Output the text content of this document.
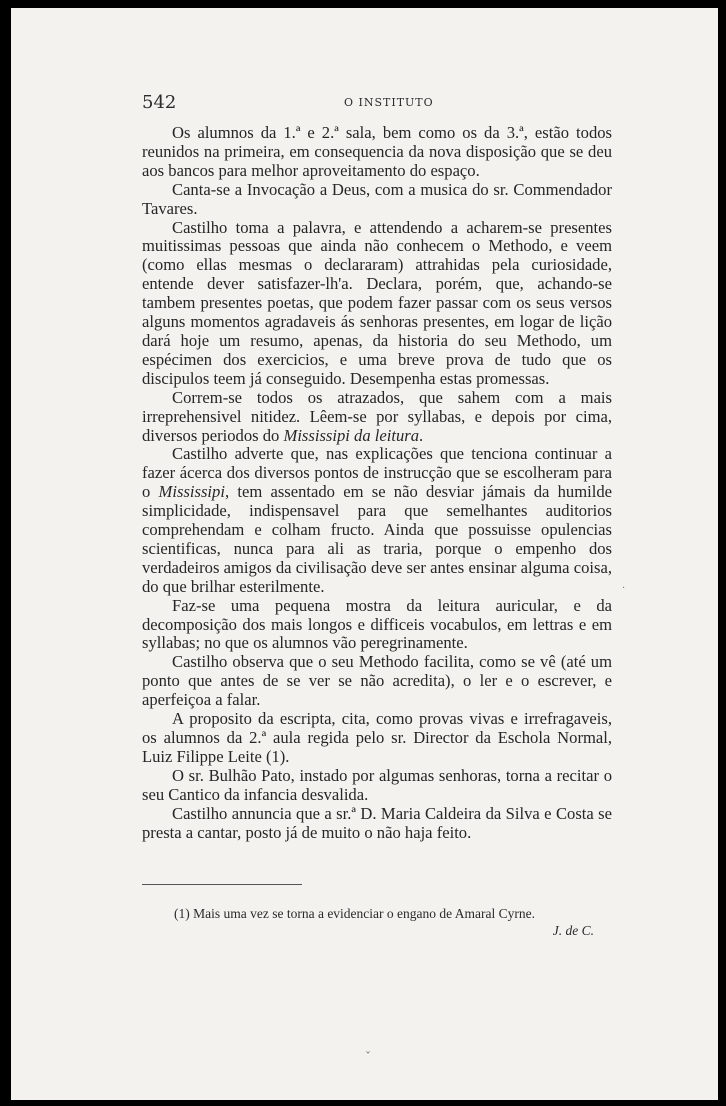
542	O INSTITUTO

Os alumnos da 1.ª e 2.ª sala, bem como os da 3.ª, estão todos reunidos na primeira, em consequencia da nova disposição que se deu aos bancos para melhor aproveitamento do espaço.

Canta-se a Invocação a Deus, com a musica do sr. Commendador Tavares.

Castilho toma a palavra, e attendendo a acharem-se presentes muitissimas pessoas que ainda não conhecem o Methodo, e veem (como ellas mesmas o declararam) attrahidas pela curiosidade, entende dever satisfazer-lh'a. Declara, porém, que, achando-se tambem presentes poetas, que podem fazer passar com os seus versos alguns momentos agradaveis ás senhoras presentes, em logar de lição dará hoje um resumo, apenas, da historia do seu Methodo, um espécimen dos exercicios, e uma breve prova de tudo que os discipulos teem já conseguido. Desempenha estas promessas.

Correm-se todos os atrazados, que sahem com a mais irreprehensivel nitidez. Lêem-se por syllabas, e depois por cima, diversos periodos do Mississipi da leitura.

Castilho adverte que, nas explicações que tenciona continuar a fazer ácerca dos diversos pontos de instrucção que se escolheram para o Mississipi, tem assentado em se não desviar jámais da humilde simplicidade, indispensavel para que semelhantes auditorios comprehendam e colham fructo. Ainda que possuisse opulencias scientificas, nunca para ali as traria, porque o empenho dos verdadeiros amigos da civilisação deve ser antes ensinar alguma coisa, do que brilhar esterilmente.

Faz-se uma pequena mostra da leitura auricular, e da decomposição dos mais longos e difficeis vocabulos, em lettras e em syllabas; no que os alumnos vão peregrinamente.

Castilho observa que o seu Methodo facilita, como se vê (até um ponto que antes de se ver se não acredita), o ler e o escrever, e aperfeiçoa a falar.

A proposito da escripta, cita, como provas vivas e irrefragaveis, os alumnos da 2.ª aula regida pelo sr. Director da Eschola Normal, Luiz Filippe Leite (1).

O sr. Bulhão Pato, instado por algumas senhoras, torna a recitar o seu Cantico da infancia desvalida.

Castilho annuncia que a sr.ª D. Maria Caldeira da Silva e Costa se presta a cantar, posto já de muito o não haja feito.

(1) Mais uma vez se torna a evidenciar o engano de Amaral Cyrne.
J. de C.
·
ˇ
